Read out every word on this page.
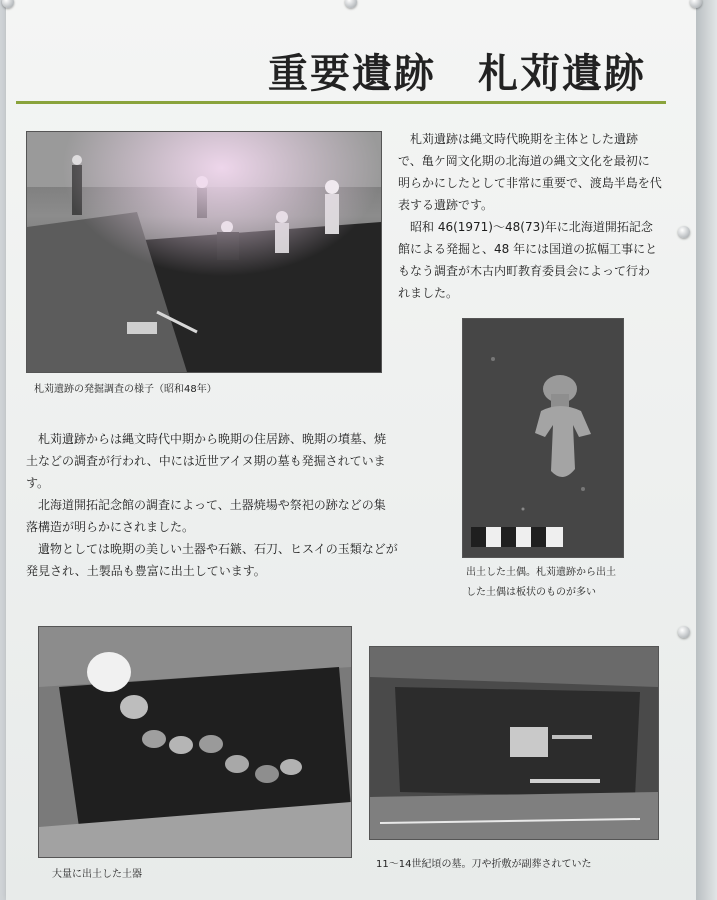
重要遺跡　札苅遺跡
札苅遺跡の発掘調査の様子（昭和48年）
札苅遺跡は縄文時代晩期を主体とした遺跡
で、亀ケ岡文化期の北海道の縄文文化を最初に
明らかにしたとして非常に重要で、渡島半島を代
表する遺跡です。
昭和 46(1971)～48(73)年に北海道開拓記念
館による発掘と、48 年には国道の拡幅工事にと
もなう調査が木古内町教育委員会によって行わ
れました。
出土した土偶。札苅遺跡から出土
した土偶は板状のものが多い
札苅遺跡からは縄文時代中期から晩期の住居跡、晩期の墳墓、焼
土などの調査が行われ、中には近世アイヌ期の墓も発掘されていま
す。
北海道開拓記念館の調査によって、土器焼場や祭祀の跡などの集
落構造が明らかにされました。
遺物としては晩期の美しい土器や石鏃、石刀、ヒスイの玉類などが
発見され、土製品も豊富に出土しています。
大量に出土した土器
11～14世紀頃の墓。刀や折敷が副葬されていた
